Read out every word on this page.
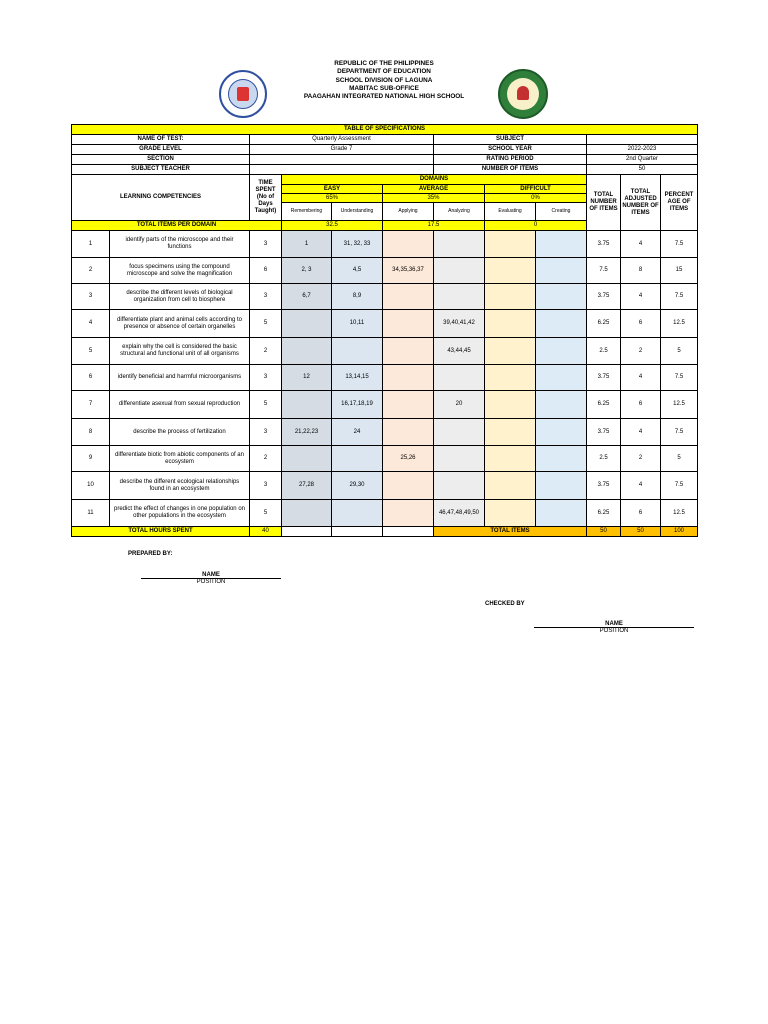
REPUBLIC OF THE PHILIPPINES
DEPARTMENT OF EDUCATION
SCHOOL DIVISION OF LAGUNA
MABITAC SUB-OFFICE
PAAGAHAN INTEGRATED NATIONAL HIGH SCHOOL
TABLE OF SPECIFICATIONS											
NAME OF TEST:		Quarterly Assessment				SUBJECT					
GRADE LEVEL		Grade 7				SCHOOL YEAR			2022-2023		
SECTION						RATING PERIOD			2nd Quarter		
SUBJECT TEACHER						NUMBER OF ITEMS			50		
LEARNING COMPETENCIES		TIME SPENT (No of Days Taught)	DOMAINS						TOTAL NUMBER OF ITEMS	TOTAL ADJUSTED NUMBER OF ITEMS	PERCENT AGE OF ITEMS
			EASY		AVERAGE		DIFFICULT				
			65%		35%		0%				
			Remembering	Understanding	Applying	Analyzing	Evaluating	Creating			
TOTAL ITEMS PER DOMAIN			32.5		17.5		0				
1	identify parts of the microscope and their functions	3	1	31, 32, 33					3.75	4	7.5
2	focus specimens using the compound microscope and solve the magnification	6	2, 3	4,5	34,35,36,37				7.5	8	15
3	describe the different levels of biological organization from cell to biosphere	3	6,7	8,9					3.75	4	7.5
4	differentiate plant and animal cells according to presence or absence of certain organelles	5		10,11		39,40,41,42			6.25	6	12.5
5	explain why the cell is considered the basic structural and functional unit of all organisms	2				43,44,45			2.5	2	5
6	identify beneficial and harmful microorganisms	3	12	13,14,15					3.75	4	7.5
7	differentiate asexual from sexual reproduction	5		16,17,18,19		20			6.25	6	12.5
8	describe the process of fertilization	3	21,22,23	24					3.75	4	7.5
9	differentiate biotic from abiotic components of an ecosystem	2			25,26				2.5	2	5
10	describe the different ecological relationships found in an ecosystem	3	27,28	29,30					3.75	4	7.5
11	predict the effect of changes in one population on other populations in the ecosystem	5				46,47,48,49,50			6.25	6	12.5
TOTAL HOURS SPENT		40				TOTAL ITEMS			50	50	100
PREPARED BY:
NAME
POSITION
CHECKED BY
NAME
POSITION
